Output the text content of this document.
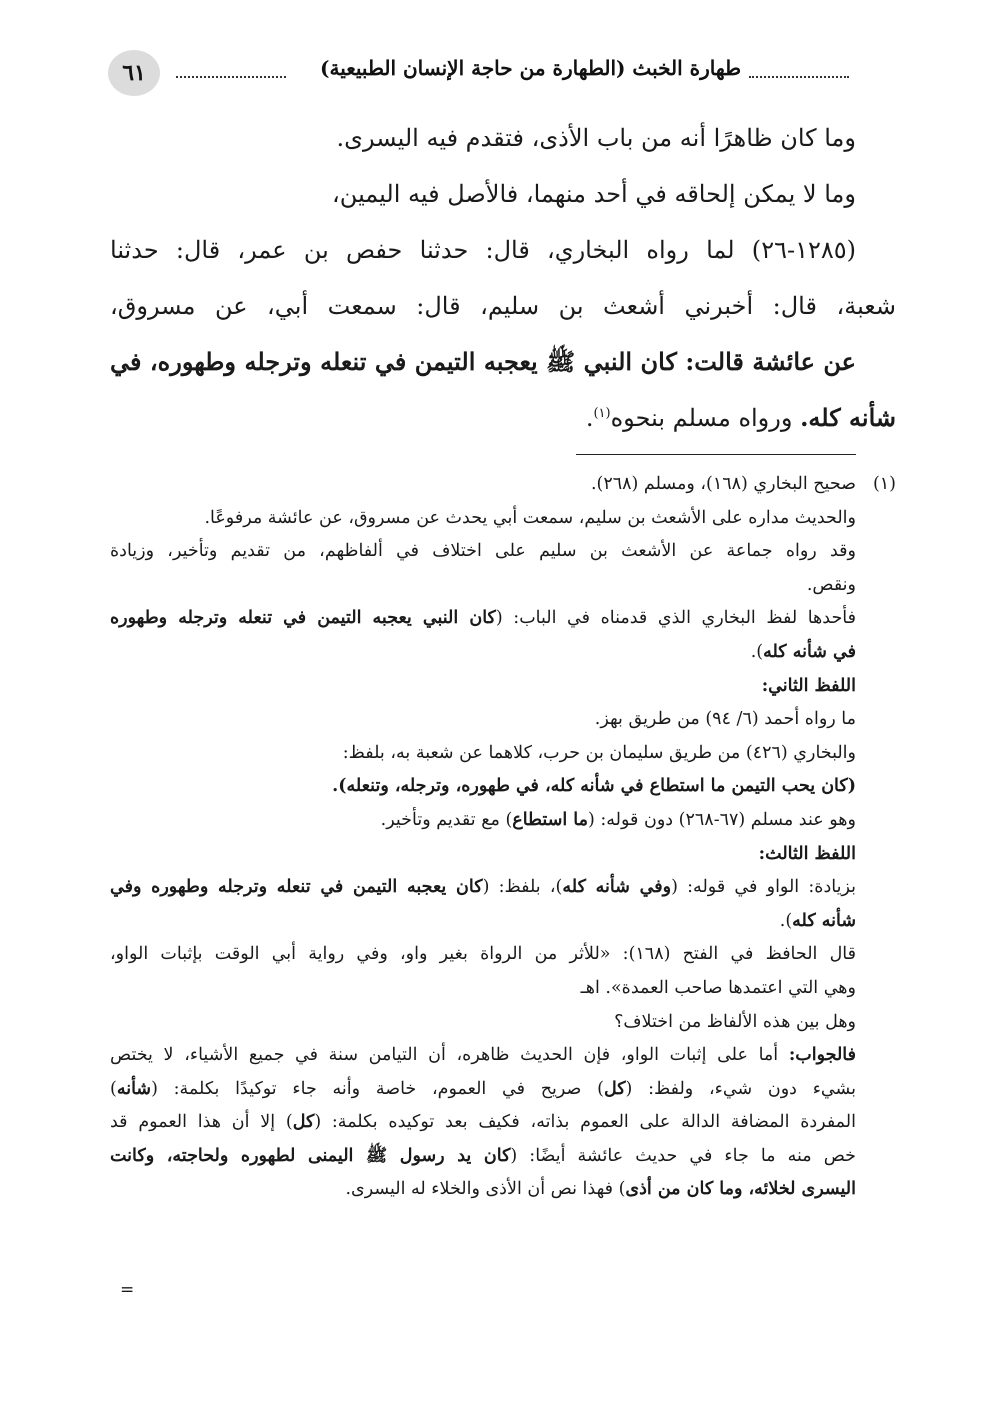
٦١	طهارة الخبث (الطهارة من حاجة الإنسان الطبيعية)
وما كان ظاهرًا أنه من باب الأذى، فتقدم فيه اليسرى.
وما لا يمكن إلحاقه في أحد منهما، فالأصل فيه اليمين،
(١٢٨٥-٢٦) لما رواه البخاري، قال: حدثنا حفص بن عمر، قال: حدثنا
شعبة، قال: أخبرني أشعث بن سليم، قال: سمعت أبي، عن مسروق،
عن عائشة قالت: كان النبي ﷺ يعجبه التيمن في تنعله وترجله وطهوره، في
شأنه كله. ورواه مسلم بنحوه$^{(١)}$.
(١)صحيح البخاري (١٦٨)، ومسلم (٢٦٨).
والحديث مداره على الأشعث بن سليم، سمعت أبي يحدث عن مسروق، عن عائشة مرفوعًا.
وقد رواه جماعة عن الأشعث بن سليم على اختلاف في ألفاظهم، من تقديم وتأخير، وزيادة
ونقص.
فأحدها لفظ البخاري الذي قدمناه في الباب: (كان النبي يعجبه التيمن في تنعله وترجله وطهوره
في شأنه كله).
اللفظ الثاني:
ما رواه أحمد (٦/ ٩٤) من طريق بهز.
والبخاري (٤٢٦) من طريق سليمان بن حرب، كلاهما عن شعبة به، بلفظ:
(كان يحب التيمن ما استطاع في شأنه كله، في طهوره، وترجله، وتنعله).
وهو عند مسلم (٦٧-٢٦٨) دون قوله: (ما استطاع) مع تقديم وتأخير.
اللفظ الثالث:
بزيادة: الواو في قوله: (وفي شأنه كله)، بلفظ: (كان يعجبه التيمن في تنعله وترجله وطهوره وفي
شأنه كله).
قال الحافظ في الفتح (١٦٨): «للأثر من الرواة بغير واو، وفي رواية أبي الوقت بإثبات الواو،
وهي التي اعتمدها صاحب العمدة». اهـ
وهل بين هذه الألفاظ من اختلاف؟
فالجواب: أما على إثبات الواو، فإن الحديث ظاهره، أن التيامن سنة في جميع الأشياء، لا يختص
بشيء دون شيء، ولفظ: (كل) صريح في العموم، خاصة وأنه جاء توكيدًا بكلمة: (شأنه)
المفردة المضافة الدالة على العموم بذاته، فكيف بعد توكيده بكلمة: (كل) إلا أن هذا العموم قد
خص منه ما جاء في حديث عائشة أيضًا: (كان يد رسول ﷺ اليمنى لطهوره ولحاجته، وكانت
اليسرى لخلائه، وما كان من أذى) فهذا نص أن الأذى والخلاء له اليسرى.
=
